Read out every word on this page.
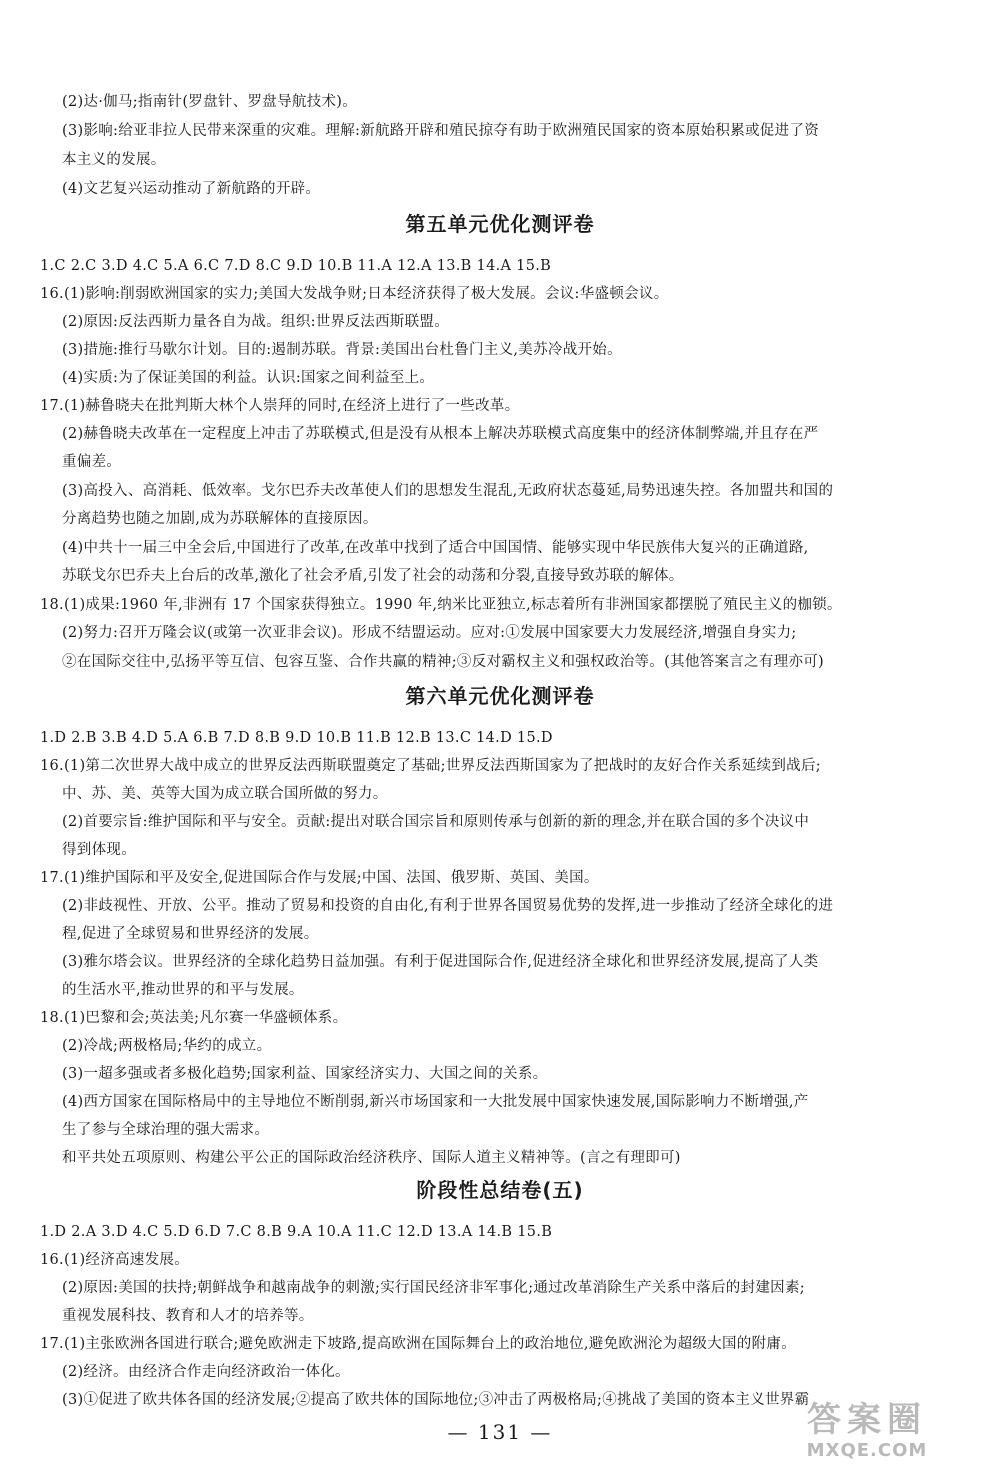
(2)达·伽马;指南针(罗盘针、罗盘导航技术)。
(3)影响:给亚非拉人民带来深重的灾难。理解:新航路开辟和殖民掠夺有助于欧洲殖民国家的资本原始积累或促进了资
本主义的发展。
(4)文艺复兴运动推动了新航路的开辟。
第五单元优化测评卷
1.C 2.C 3.D 4.C 5.A 6.C 7.D 8.C 9.D 10.B 11.A 12.A 13.B 14.A 15.B
16.(1)影响:削弱欧洲国家的实力;美国大发战争财;日本经济获得了极大发展。会议:华盛顿会议。
(2)原因:反法西斯力量各自为战。组织:世界反法西斯联盟。
(3)措施:推行马歇尔计划。目的:遏制苏联。背景:美国出台杜鲁门主义,美苏冷战开始。
(4)实质:为了保证美国的利益。认识:国家之间利益至上。
17.(1)赫鲁晓夫在批判斯大林个人崇拜的同时,在经济上进行了一些改革。
(2)赫鲁晓夫改革在一定程度上冲击了苏联模式,但是没有从根本上解决苏联模式高度集中的经济体制弊端,并且存在严
重偏差。
(3)高投入、高消耗、低效率。戈尔巴乔夫改革使人们的思想发生混乱,无政府状态蔓延,局势迅速失控。各加盟共和国的
分离趋势也随之加剧,成为苏联解体的直接原因。
(4)中共十一届三中全会后,中国进行了改革,在改革中找到了适合中国国情、能够实现中华民族伟大复兴的正确道路,
苏联戈尔巴乔夫上台后的改革,激化了社会矛盾,引发了社会的动荡和分裂,直接导致苏联的解体。
18.(1)成果:1960 年,非洲有 17 个国家获得独立。1990 年,纳米比亚独立,标志着所有非洲国家都摆脱了殖民主义的枷锁。
(2)努力:召开万隆会议(或第一次亚非会议)。形成不结盟运动。应对:①发展中国家要大力发展经济,增强自身实力;
②在国际交往中,弘扬平等互信、包容互鉴、合作共赢的精神;③反对霸权主义和强权政治等。(其他答案言之有理亦可)
第六单元优化测评卷
1.D 2.B 3.B 4.D 5.A 6.B 7.D 8.B 9.D 10.B 11.B 12.B 13.C 14.D 15.D
16.(1)第二次世界大战中成立的世界反法西斯联盟奠定了基础;世界反法西斯国家为了把战时的友好合作关系延续到战后;
中、苏、美、英等大国为成立联合国所做的努力。
(2)首要宗旨:维护国际和平与安全。贡献:提出对联合国宗旨和原则传承与创新的新的理念,并在联合国的多个决议中
得到体现。
17.(1)维护国际和平及安全,促进国际合作与发展;中国、法国、俄罗斯、英国、美国。
(2)非歧视性、开放、公平。推动了贸易和投资的自由化,有利于世界各国贸易优势的发挥,进一步推动了经济全球化的进
程,促进了全球贸易和世界经济的发展。
(3)雅尔塔会议。世界经济的全球化趋势日益加强。有利于促进国际合作,促进经济全球化和世界经济发展,提高了人类
的生活水平,推动世界的和平与发展。
18.(1)巴黎和会;英法美;凡尔赛一华盛顿体系。
(2)冷战;两极格局;华约的成立。
(3)一超多强或者多极化趋势;国家利益、国家经济实力、大国之间的关系。
(4)西方国家在国际格局中的主导地位不断削弱,新兴市场国家和一大批发展中国家快速发展,国际影响力不断增强,产
生了参与全球治理的强大需求。
和平共处五项原则、构建公平公正的国际政治经济秩序、国际人道主义精神等。(言之有理即可)
阶段性总结卷(五)
1.D 2.A 3.D 4.C 5.D 6.D 7.C 8.B 9.A 10.A 11.C 12.D 13.A 14.B 15.B
16.(1)经济高速发展。
(2)原因:美国的扶持;朝鲜战争和越南战争的刺激;实行国民经济非军事化;通过改革消除生产关系中落后的封建因素;
重视发展科技、教育和人才的培养等。
17.(1)主张欧洲各国进行联合;避免欧洲走下坡路,提高欧洲在国际舞台上的政治地位,避免欧洲沦为超级大国的附庸。
(2)经济。由经济合作走向经济政治一体化。
(3)①促进了欧共体各国的经济发展;②提高了欧共体的国际地位;③冲击了两极格局;④挑战了美国的资本主义世界霸
— 131 —	答案圈
MXQE.COM
